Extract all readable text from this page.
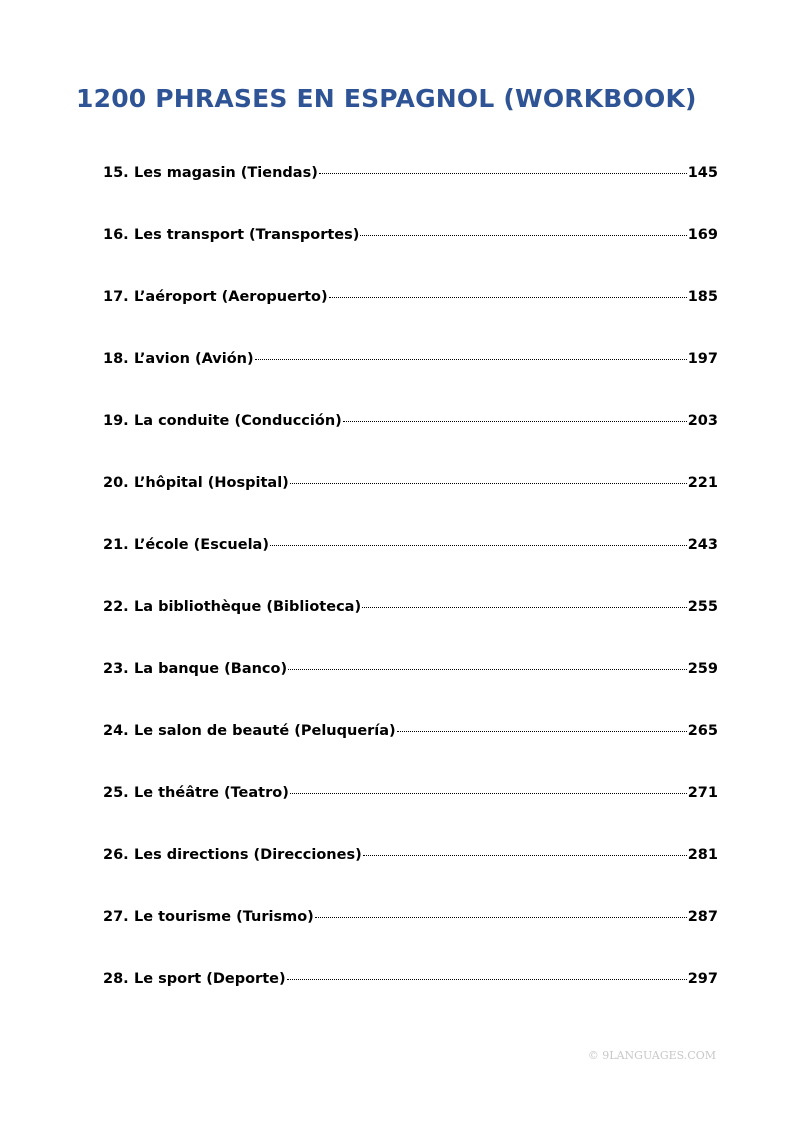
1200 PHRASES EN ESPAGNOL (WORKBOOK)
15. Les magasin (Tiendas)	145
16. Les transport (Transportes)	169
17. L’aéroport (Aeropuerto)	185
18. L’avion (Avión)	197
19. La conduite (Conducción)	203
20. L’hôpital (Hospital)	221
21. L’école (Escuela)	243
22. La bibliothèque (Biblioteca)	255
23. La banque (Banco)	259
24. Le salon de beauté (Peluquería)	265
25. Le théâtre (Teatro)	271
26. Les directions (Direcciones)	281
27. Le tourisme (Turismo)	287
28. Le sport (Deporte)	297
© 9LANGUAGES.COM
